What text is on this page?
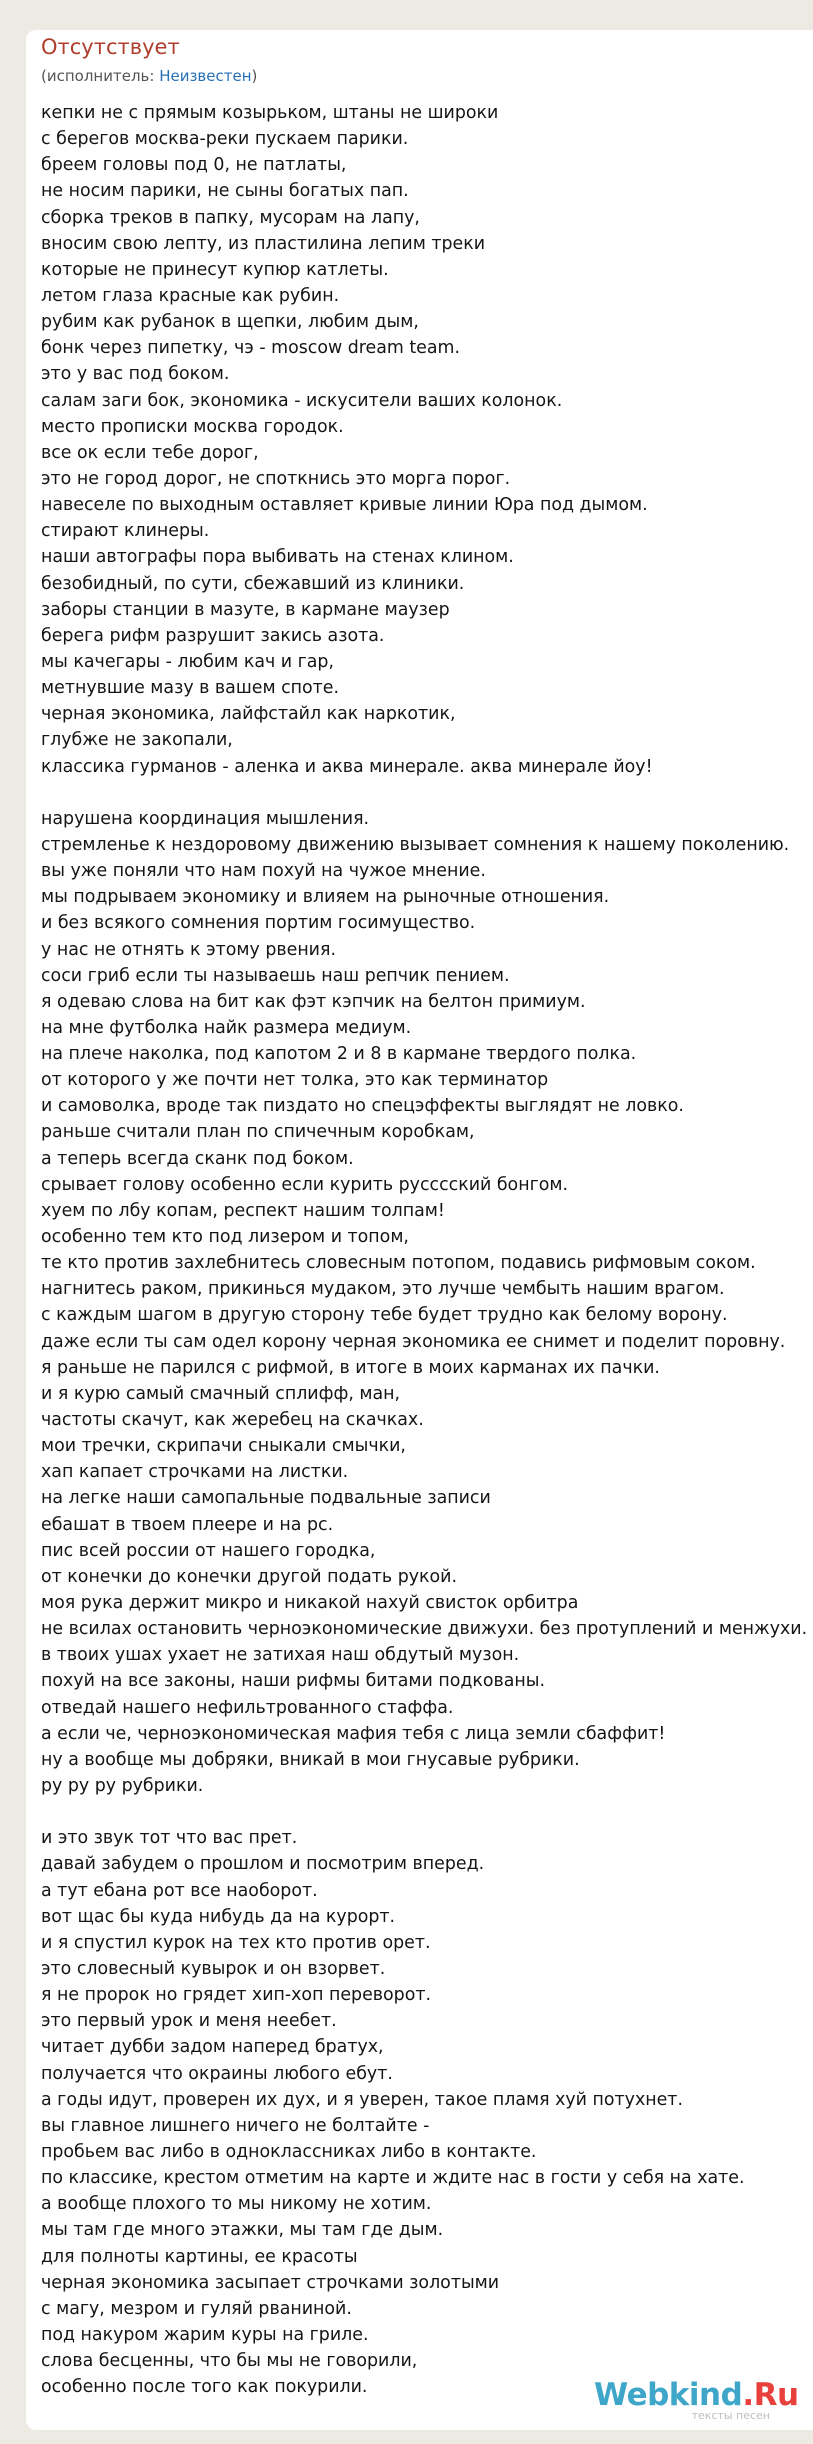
Отсутствует
(исполнитель: Неизвестен)
кепки не с прямым козырьком, штаны не широки
с берегов москва-реки пускаем парики.
бреем головы под 0, не патлаты,
не носим парики, не сыны богатых пап.
сборка треков в папку, мусорам на лапу,
вносим свою лепту, из пластилина лепим треки
которые не принесут купюр катлеты.
летом глаза красные как рубин.
рубим как рубанок в щепки, любим дым,
бонк через пипетку, чэ - moscow dream team.
это у вас под боком.
салам заги бок, экономика - искусители ваших колонок.
место прописки москва городок.
все ок если тебе дорог,
это не город дорог, не споткнись это морга порог.
навеселе по выходным оставляет кривые линии Юра под дымом.
стирают клинеры.
наши автографы пора выбивать на стенах клином.
безобидный, по сути, сбежавший из клиники.
заборы станции в мазуте, в кармане маузер
берега рифм разрушит закись азота.
мы качегары - любим кач и гар,
метнувшие мазу в вашем споте.
черная экономика, лайфстайл как наркотик,
глубже не закопали,
классика гурманов - аленка и аква минерале. аква минерале йоу!
нарушена координация мышления.
стремленье к нездоровому движению вызывает сомнения к нашему поколению.
вы уже поняли что нам похуй на чужое мнение.
мы подрываем экономику и влияем на рыночные отношения.
и без всякого сомнения портим госимущество.
у нас не отнять к этому рвения.
соси гриб если ты называешь наш репчик пением.
я одеваю слова на бит как фэт кэпчик на белтон примиум.
на мне футболка найк размера медиум.
на плече наколка, под капотом 2 и 8 в кармане твердого полка.
от которого у же почти нет толка, это как терминатор
и самоволка, вроде так пиздато но спецэффекты выглядят не ловко.
раньше считали план по спичечным коробкам,
а теперь всегда сканк под боком.
срывает голову особенно если курить русccский бонгом.
хуем по лбу копам, респект нашим толпам!
особенно тем кто под лизером и топом,
те кто против захлебнитесь словесным потопом, подавись рифмовым соком.
нагнитесь раком, прикинься мудаком, это лучше чембыть нашим врагом.
с каждым шагом в другую сторону тебе будет трудно как белому ворону.
даже если ты сам одел корону черная экономика ее снимет и поделит поровну.
я раньше не парился с рифмой, в итоге в моих карманах их пачки.
и я курю самый смачный сплифф, ман,
частоты скачут, как жеребец на скачках.
мои тречки, скрипачи сныкали смычки,
хап капает строчками на листки.
на легке наши самопальные подвальные записи
ебашат в твоем плеере и на pc.
пис всей россии от нашего городка,
от конечки до конечки другой подать рукой.
моя рука держит микро и никакой нахуй свисток орбитра
не всилах остановить черноэкономические движухи. без протуплений и менжухи.
в твоих ушах ухает не затихая наш обдутый музон.
похуй на все законы, наши рифмы битами подкованы.
отведай нашего нефильтрованного стаффа.
а если че, черноэкономическая мафия тебя с лица земли сбаффит!
ну а вообще мы добряки, вникай в мои гнусавые рубрики.
ру ру ру рубрики.
и это звук тот что вас прет.
давай забудем о прошлом и посмотрим вперед.
а тут ебана рот все наоборот.
вот щас бы куда нибудь да на курорт.
и я спустил курок на тех кто против орет.
это словесный кувырок и он взорвет.
я не пророк но грядет хип-хоп переворот.
это первый урок и меня неебет.
читает дубби задом наперед братух,
получается что окраины любого ебут.
а годы идут, проверен их дух, и я уверен, такое пламя хуй потухнет.
вы главное лишнего ничего не болтайте -
пробьем вас либо в одноклассниках либо в контакте.
по классике, крестом отметим на карте и ждите нас в гости у себя на хате.
а вообще плохого то мы никому не хотим.
мы там где много этажки, мы там где дым.
для полноты картины, ее красоты
черная экономика засыпает строчками золотыми
с магу, мезром и гуляй рваниной.
под накуром жарим куры на гриле.
слова бесценны, что бы мы не говорили,
особенно после того как покурили.	Webkind.Ru
тексты песен
